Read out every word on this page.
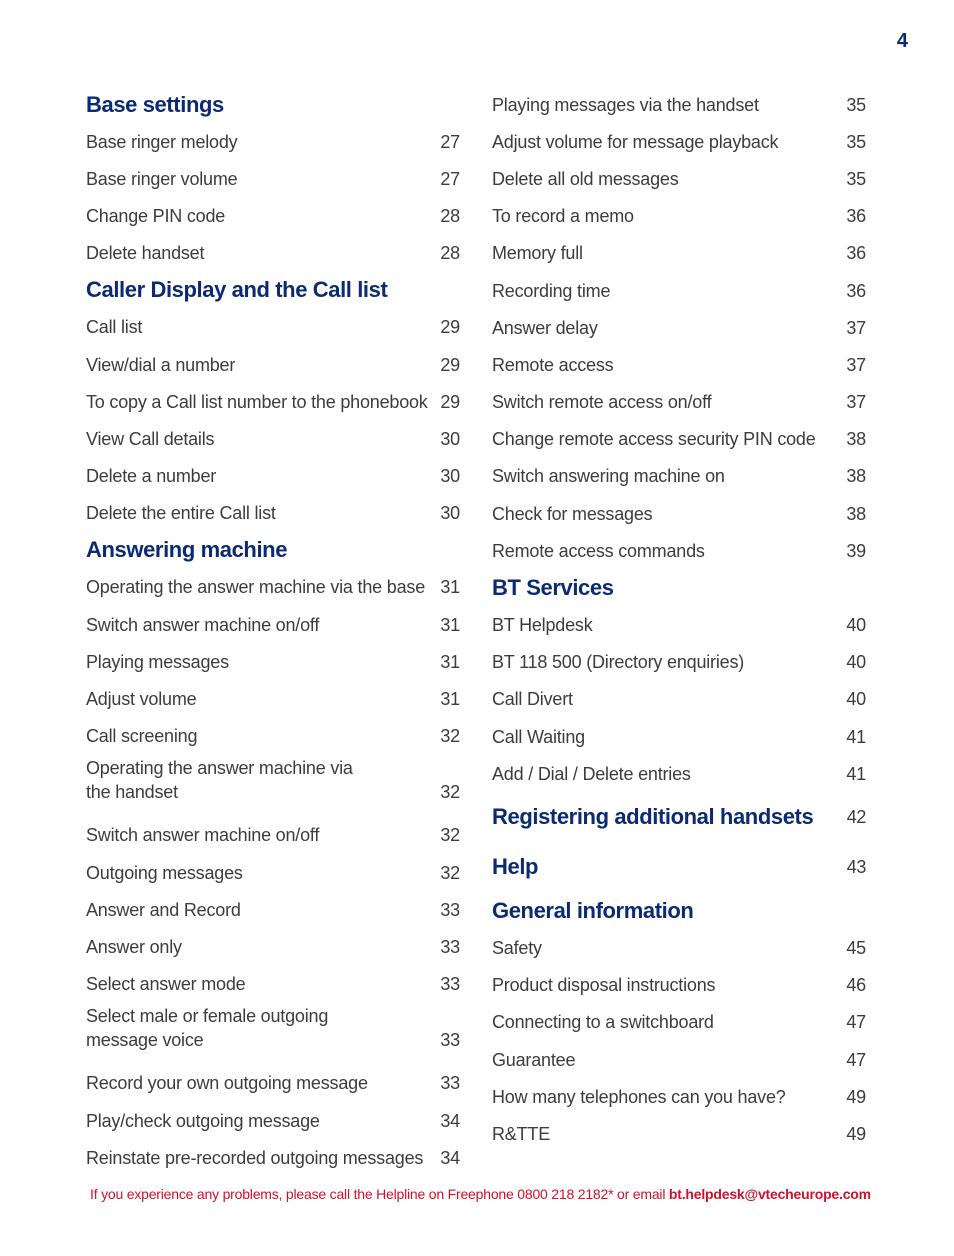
4
Base settings
Base ringer melody	27
Base ringer volume	27
Change PIN code	28
Delete handset	28
Caller Display and the Call list
Call list	29
View/dial a number	29
To copy a Call list number to the phonebook 29
View Call details	30
Delete a number	30
Delete the entire Call list	30
Answering machine
Operating the answer machine via the base 31
Switch answer machine on/off	31
Playing messages	31
Adjust volume	31
Call screening	32
Operating the answer machine via
the handset	32
Switch answer machine on/off	32
Outgoing messages	32
Answer and Record	33
Answer only	33
Select answer mode	33
Select male or female outgoing
message voice	33
Record your own outgoing message	33
Play/check outgoing message	34
Reinstate pre-recorded outgoing messages 34
Playing messages via the handset	35
Adjust volume for message playback	35
Delete all old messages	35
To record a memo	36
Memory full	36
Recording time	36
Answer delay	37
Remote access	37
Switch remote access on/off	37
Change remote access security PIN code	38
Switch answering machine on	38
Check for messages	38
Remote access commands	39
BT Services
BT Helpdesk	40
BT 118 500 (Directory enquiries)	40
Call Divert	40
Call Waiting	41
Add / Dial / Delete entries	41
Registering additional handsets 42
Help	43
General information
Safety	45
Product disposal instructions	46
Connecting to a switchboard	47
Guarantee	47
How many telephones can you have?	49
R&TTE	49
If you experience any problems, please call the Helpline on Freephone 0800 218 2182* or email bt.helpdesk@vtecheurope.com
